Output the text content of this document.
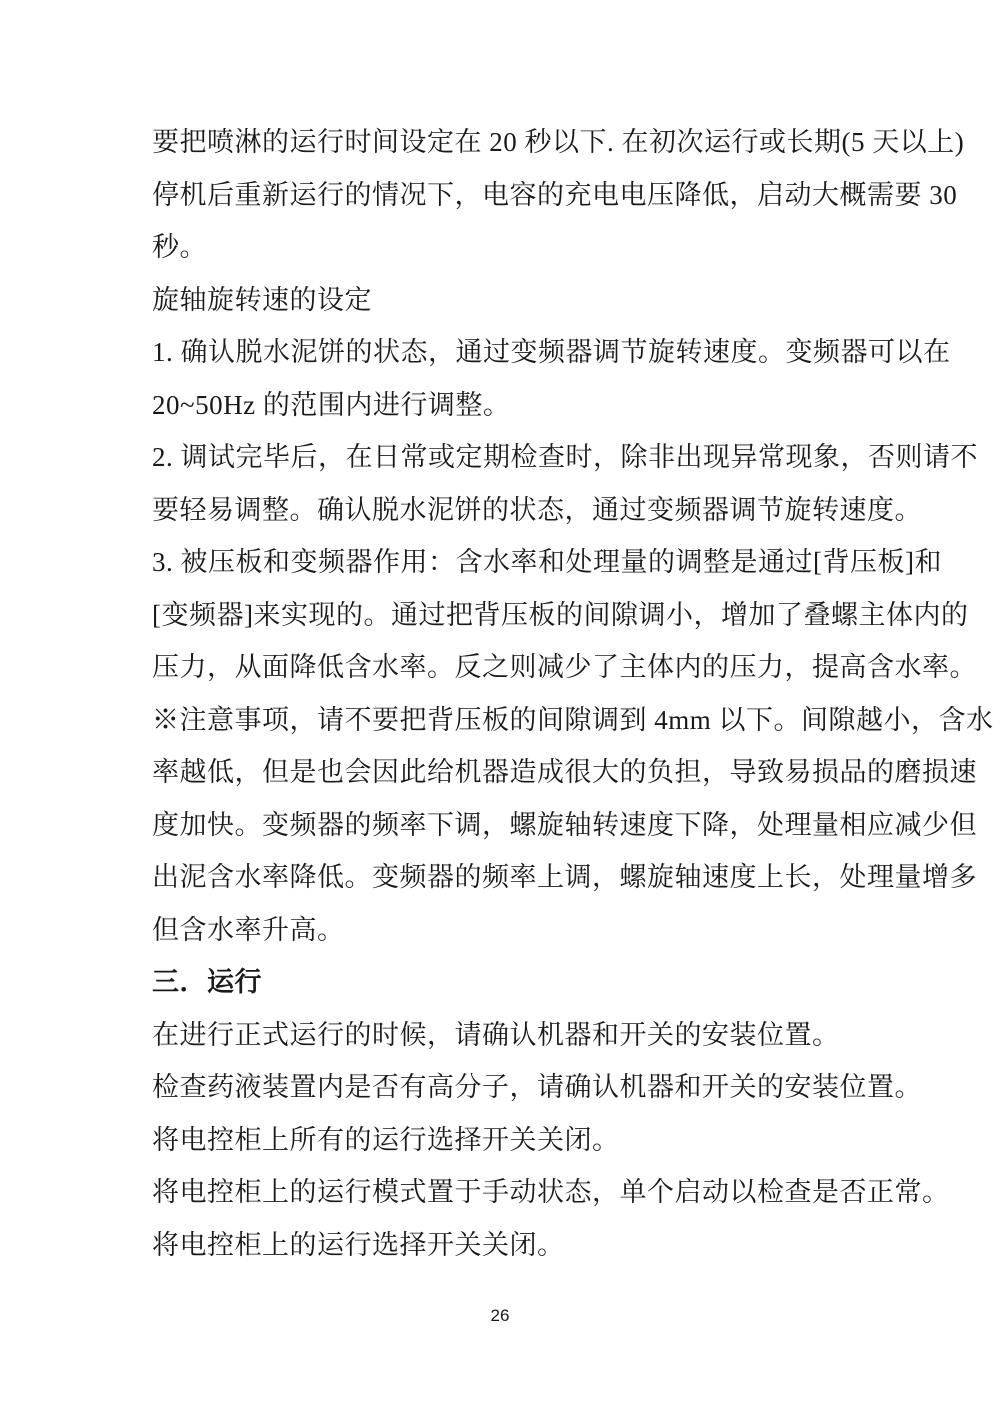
要把喷淋的运行时间设定在 20 秒以下. 在初次运行或长期(5 天以上)
停机后重新运行的情况下，电容的充电电压降低，启动大概需要 30
秒。
旋轴旋转速的设定
1. 确认脱水泥饼的状态，通过变频器调节旋转速度。变频器可以在
20~50Hz 的范围内进行调整。
2. 调试完毕后，在日常或定期检查时，除非出现异常现象，否则请不
要轻易调整。确认脱水泥饼的状态，通过变频器调节旋转速度。
3. 被压板和变频器作用：含水率和处理量的调整是通过[背压板]和
[变频器]来实现的。通过把背压板的间隙调小，增加了叠螺主体内的
压力，从面降低含水率。反之则减少了主体内的压力，提高含水率。
※注意事项，请不要把背压板的间隙调到 4mm 以下。间隙越小，含水
率越低，但是也会因此给机器造成很大的负担，导致易损品的磨损速
度加快。变频器的频率下调，螺旋轴转速度下降，处理量相应减少但
出泥含水率降低。变频器的频率上调，螺旋轴速度上长，处理量增多
但含水率升高。
三．运行
在进行正式运行的时候，请确认机器和开关的安装位置。
检查药液装置内是否有高分子，请确认机器和开关的安装位置。
将电控柜上所有的运行选择开关关闭。
将电控柜上的运行模式置于手动状态，单个启动以检查是否正常。
将电控柜上的运行选择开关关闭。
26
